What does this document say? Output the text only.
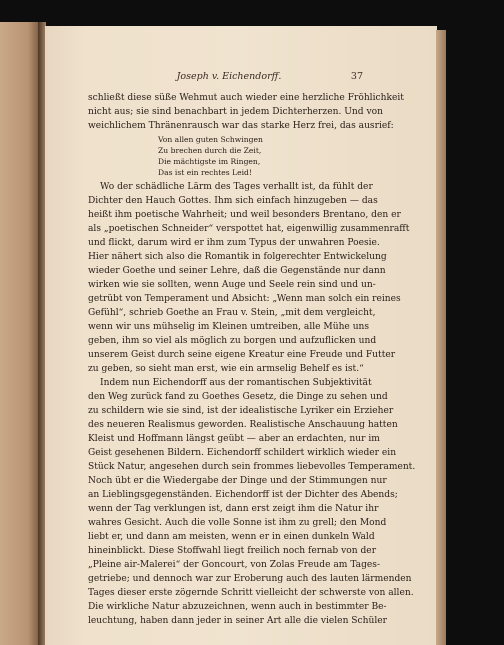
Joseph v. Eichendorff.	37
schließt diese süße Wehmut auch wieder eine herzliche Fröhlichkeit
nicht aus; sie sind benachbart in jedem Dichterherzen. Und von
weichlichem Thränenrausch war das starke Herz frei, das ausrief:
Von allen guten Schwingen
Zu brechen durch die Zeit,
Die mächtigste im Ringen,
Das ist ein rechtes Leid!
Wo der schädliche Lärm des Tages verhallt ist, da fühlt der
Dichter den Hauch Gottes. Ihm sich einfach hinzugeben — das
heißt ihm poetische Wahrheit; und weil besonders Brentano, den er
als „poetischen Schneider“ verspottet hat, eigenwillig zusammenrafft
und flickt, darum wird er ihm zum Typus der unwahren Poesie.
Hier nähert sich also die Romantik in folgerechter Entwickelung
wieder Goethe und seiner Lehre, daß die Gegenstände nur dann
wirken wie sie sollten, wenn Auge und Seele rein sind und un-
getrübt von Temperament und Absicht: „Wenn man solch ein reines
Gefühl“, schrieb Goethe an Frau v. Stein, „mit dem vergleicht,
wenn wir uns mühselig im Kleinen umtreiben, alle Mühe uns
geben, ihm so viel als möglich zu borgen und aufzuflicken und
unserem Geist durch seine eigene Kreatur eine Freude und Futter
zu geben, so sieht man erst, wie ein armselig Behelf es ist.“
Indem nun Eichendorff aus der romantischen Subjektivität
den Weg zurück fand zu Goethes Gesetz, die Dinge zu sehen und
zu schildern wie sie sind, ist der idealistische Lyriker ein Erzieher
des neueren Realismus geworden. Realistische Anschauung hatten
Kleist und Hoffmann längst geübt — aber an erdachten, nur im
Geist gesehenen Bildern. Eichendorff schildert wirklich wieder ein
Stück Natur, angesehen durch sein frommes liebevolles Temperament.
Noch übt er die Wiedergabe der Dinge und der Stimmungen nur
an Lieblingsgegenständen. Eichendorff ist der Dichter des Abends;
wenn der Tag verklungen ist, dann erst zeigt ihm die Natur ihr
wahres Gesicht. Auch die volle Sonne ist ihm zu grell; den Mond
liebt er, und dann am meisten, wenn er in einen dunkeln Wald
hineinblickt. Diese Stoffwahl liegt freilich noch fernab von der
„Pleine air-Malerei“ der Goncourt, von Zolas Freude am Tages-
getriebe; und dennoch war zur Eroberung auch des lauten lärmenden
Tages dieser erste zögernde Schritt vielleicht der schwerste von allen.
Die wirkliche Natur abzuzeichnen, wenn auch in bestimmter Be-
leuchtung, haben dann jeder in seiner Art alle die vielen Schüler
